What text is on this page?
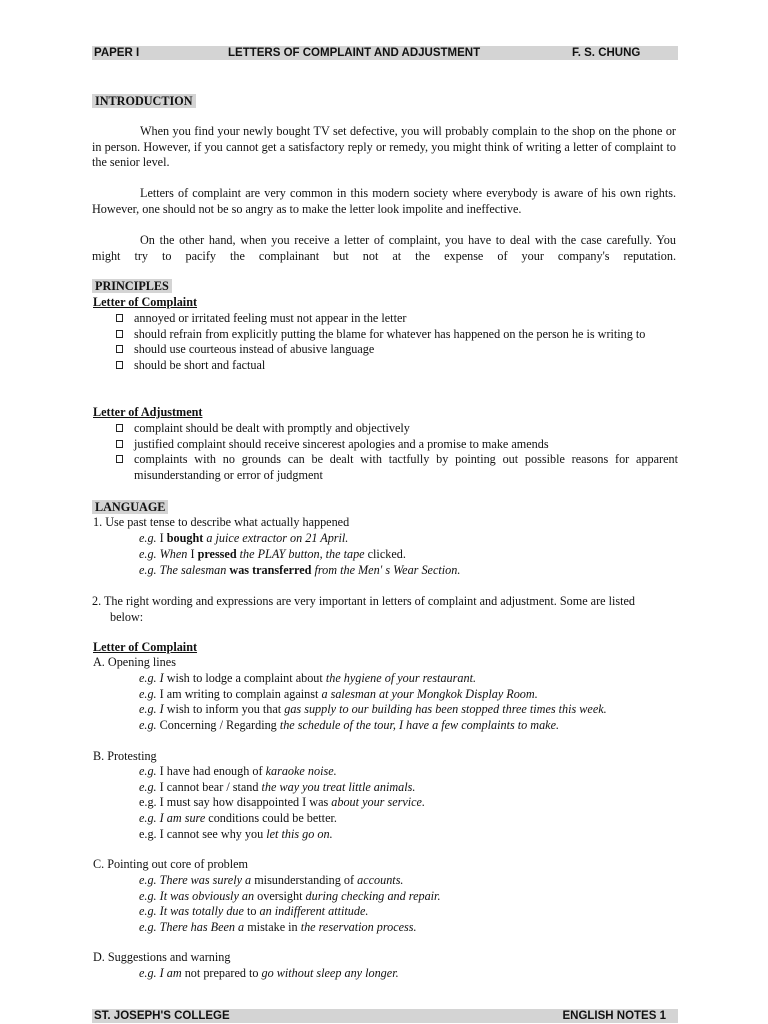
PAPER I	LETTERS OF COMPLAINT AND ADJUSTMENT	F. S. CHUNG
INTRODUCTION

When you find your newly bought TV set defective, you will probably complain to the shop on the phone or in person. However, if you cannot get a satisfactory reply or remedy, you might think of writing a letter of complaint to the senior level.

Letters of complaint are very common in this modern society where everybody is aware of his own rights. However, one should not be so angry as to make the letter look impolite and ineffective.

On the other hand, when you receive a letter of complaint, you have to deal with the case carefully. You might try to pacify the complainant but not at the expense of your company's reputation.

PRINCIPLES
Letter of Complaint
annoyed or irritated feeling must not appear in the letter
should refrain from explicitly putting the blame for whatever has happened on the person he is writing to
should use courteous instead of abusive language
should be short and factual
Letter of Adjustment
complaint should be dealt with promptly and objectively
justified complaint should receive sincerest apologies and a promise to make amends
complaints with no grounds can be dealt with tactfully by pointing out possible reasons for apparent misunderstanding or error of judgment
LANGUAGE
1. Use past tense to describe what actually happened
e.g. I bought a juice extractor on 21 April.
e.g. When I pressed the PLAY button, the tape clicked.
e.g. The salesman was transferred from the Men' s Wear Section.

2. The right wording and expressions are very important in letters of complaint and adjustment. Some are listed below:

Letter of Complaint
A. Opening lines
e.g. I wish to lodge a complaint about the hygiene of your restaurant.
e.g. I am writing to complain against a salesman at your Mongkok Display Room.
e.g. I wish to inform you that gas supply to our building has been stopped three times this week.
e.g. Concerning / Regarding the schedule of the tour, I have a few complaints to make.
B. Protesting
e.g. I have had enough of karaoke noise.
e.g. I cannot bear / stand the way you treat little animals.
e.g. I must say how disappointed I was about your service.
e.g. I am sure conditions could be better.
e.g. I cannot see why you let this go on.
C. Pointing out core of problem
e.g. There was surely a misunderstanding of accounts.
e.g. It was obviously an oversight during checking and repair.
e.g. It was totally due to an indifferent attitude.
e.g. There has Been a mistake in the reservation process.
D. Suggestions and warning
e.g. I am not prepared to go without sleep any longer.
ST. JOSEPH'S COLLEGE	ENGLISH NOTES 1
